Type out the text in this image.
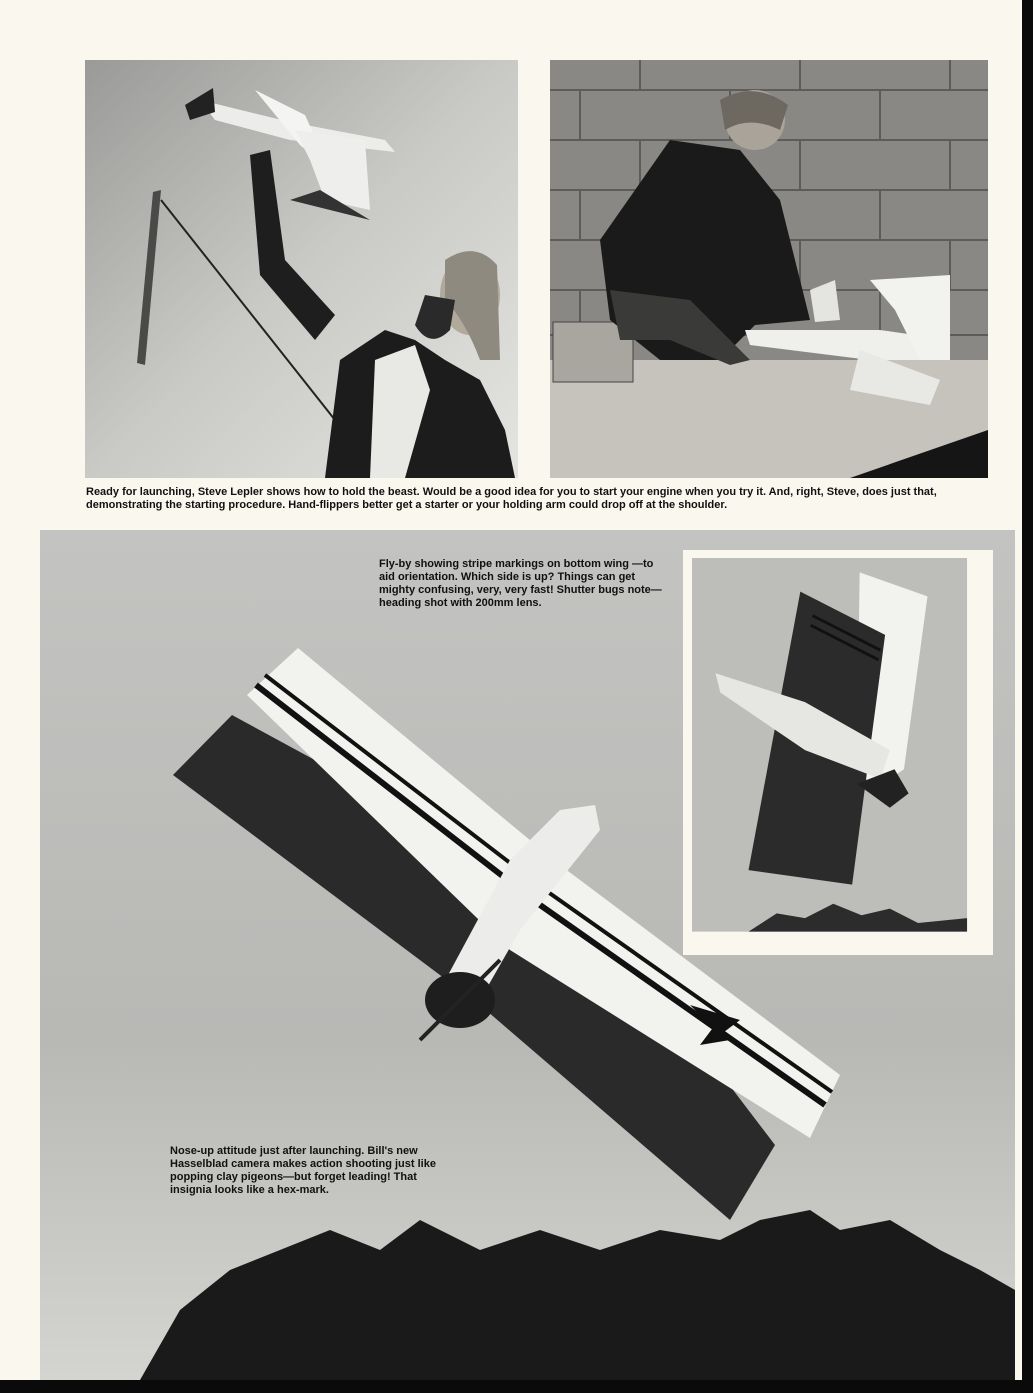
Ready for launching, Steve Lepler shows how to hold the beast. Would be a good idea for you to start your engine when you try it. And, right, Steve, does just that, demonstrating the starting procedure. Hand-flippers better get a starter or your holding arm could drop off at the shoulder.

Fly-by showing stripe markings on bottom wing —to aid orientation. Which side is up? Things can get mighty confusing, very, very fast! Shutter bugs note—heading shot with 200mm lens.

Nose-up attitude just after launching. Bill's new Hasselblad camera makes action shooting just like popping clay pigeons—but forget leading! That insignia looks like a hex-mark.
